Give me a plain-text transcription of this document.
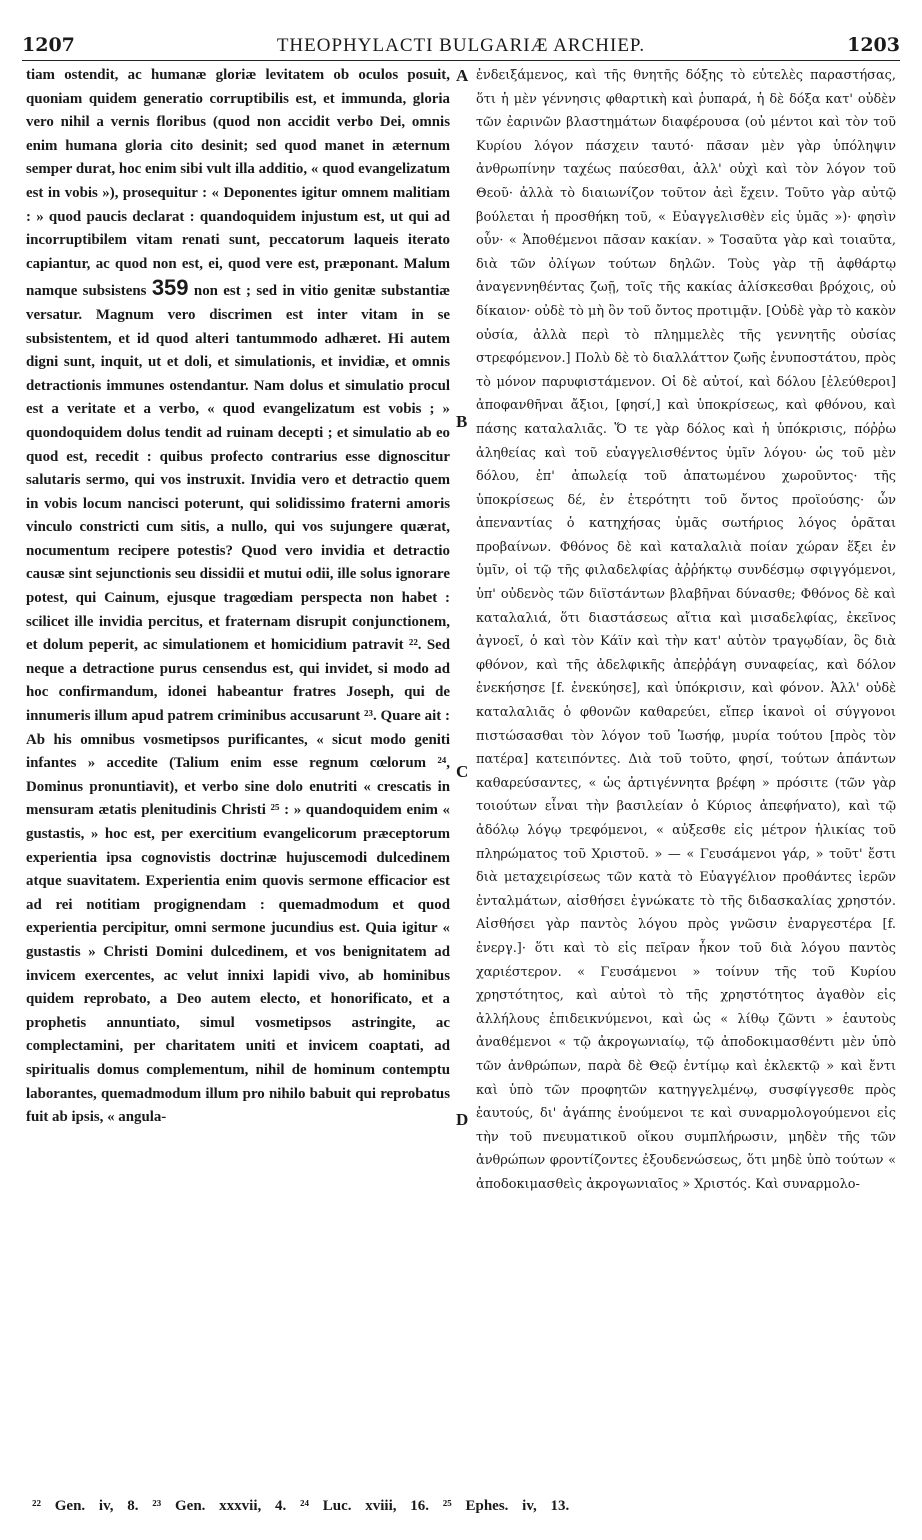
1207	THEOPHYLACTI BULGARIÆ ARCHIEP.	1203

tiam ostendit, ac humanæ gloriæ levitatem ob oculos posuit, quoniam quidem generatio corruptibilis est, et immunda, gloria vero nihil a vernis floribus (quod non accidit verbo Dei, omnis enim humana gloria cito desinit; sed quod manet in æternum semper durat, hoc enim sibi vult illa additio, « quod evangelizatum est in vobis »), prosequitur : « Deponentes igitur omnem malitiam : » quod paucis declarat : quandoquidem injustum est, ut qui ad incorruptibilem vitam renati sunt, peccatorum laqueis iterato capiantur, ac quod non est, ei, quod vere est, præponant. Malum namque subsistens 359 non est ; sed in vitio genitæ substantiæ versatur. Magnum vero discrimen est inter vitam in se subsistentem, et id quod alteri tantummodo adhæret. Hi autem digni sunt, inquit, ut et doli, et simulationis, et invidiæ, et omnis detractionis immunes ostendantur. Nam dolus et simulatio procul est a veritate et a verbo, « quod evangelizatum est vobis ; » quondoquidem dolus tendit ad ruinam decepti ; et simulatio ab eo quod est, recedit : quibus profecto contrarius esse dignoscitur salutaris sermo, qui vos instruxit. Invidia vero et detractio quem in vobis locum nancisci poterunt, qui solidissimo fraterni amoris vinculo constricti cum sitis, a nullo, qui vos sujungere quærat, nocumentum recipere potestis? Quod vero invidia et detractio causæ sint sejunctionis seu dissidii et mutui odii, ille solus ignorare potest, qui Cainum, ejusque tragœdiam perspecta non habet : scilicet ille invidia percitus, et fraternam disrupit conjunctionem, et dolum peperit, ac simulationem et homicidium patravit ²². Sed neque a detractione purus censendus est, qui invidet, si modo ad hoc confirmandum, idonei habeantur fratres Joseph, qui de innumeris illum apud patrem criminibus accusarunt ²³. Quare ait : Ab his omnibus vosmetipsos purificantes, « sicut modo geniti infantes » accedite (Talium enim esse regnum cœlorum ²⁴, Dominus pronuntiavit), et verbo sine dolo enutriti « crescatis in mensuram ætatis plenitudinis Christi ²⁵ : » quandoquidem enim « gustastis, » hoc est, per exercitium evangelicorum præceptorum experientia ipsa cognovistis doctrinæ hujuscemodi dulcedinem atque suavitatem. Experientia enim quovis sermone efficacior est ad rei notitiam progignendam : quemadmodum et quod experientia percipitur, omni sermone jucundius est. Quia igitur « gustastis » Christi Domini dulcedinem, et vos benignitatem ad invicem exercentes, ac velut innixi lapidi vivo, ab hominibus quidem reprobato, a Deo autem electo, et honorificato, et a prophetis annuntiato, simul vosmetipsos astringite, ac complectamini, per charitatem uniti et invicem coaptati, ad spiritualis domus complementum, nihil de hominum contemptu laborantes, quemadmodum illum pro nihilo babuit qui reprobatus fuit ab ipsis, « angula-

A
B
C
D

ἐνδειξάμενος, καὶ τῆς θνητῆς δόξης τὸ εὐτελὲς παραστήσας, ὅτι ἡ μὲν γέννησις φθαρτικὴ καὶ ῥυπαρά, ἡ δὲ δόξα κατ' οὐδὲν τῶν ἐαρινῶν βλαστημάτων διαφέρουσα (οὐ μέντοι καὶ τὸν τοῦ Κυρίου λόγον πάσχειν ταυτό· πᾶσαν μὲν γὰρ ὑπόληψιν ἀνθρωπίνην ταχέως παύεσθαι, ἀλλ' οὐχὶ καὶ τὸν λόγον τοῦ Θεοῦ· ἀλλὰ τὸ διαιωνίζον τοῦτον ἀεὶ ἔχειν. Τοῦτο γὰρ αὐτῷ βούλεται ἡ προσθήκη τοῦ, « Εὐαγγελισθὲν εἰς ὑμᾶς »)· φησὶν οὖν· « Ἀποθέμενοι πᾶσαν κακίαν. » Τοσαῦτα γὰρ καὶ τοιαῦτα, διὰ τῶν ὀλίγων τούτων δηλῶν. Τοὺς γὰρ τῇ ἀφθάρτῳ ἀναγεννηθέντας ζωῇ, τοῖς τῆς κακίας ἁλίσκεσθαι βρόχοις, οὐ δίκαιον· οὐδὲ τὸ μὴ ὂν τοῦ ὄντος προτιμᾷν. [Οὐδὲ γὰρ τὸ κακὸν οὐσία, ἀλλὰ περὶ τὸ πλημμελὲς τῆς γεννητῆς οὐσίας στρεφόμενον.] Πολὺ δὲ τὸ διαλλάττον ζωῆς ἐνυποστάτου, πρὸς τὸ μόνον παρυφιστάμενον. Οἱ δὲ αὐτοί, καὶ δόλου [ἐλεύθεροι] ἀποφανθῆναι ἄξιοι, [φησί,] καὶ ὑποκρίσεως, καὶ φθόνου, καὶ πάσης καταλαλιᾶς. Ὅ τε γὰρ δόλος καὶ ἡ ὑπόκρισις, πόῤῥω ἀληθείας καὶ τοῦ εὐαγγελισθέντος ὑμῖν λόγου· ὡς τοῦ μὲν δόλου, ἐπ' ἀπωλείᾳ τοῦ ἀπατωμένου χωροῦντος· τῆς ὑποκρίσεως δέ, ἐν ἑτερότητι τοῦ ὄντος προϊούσης· ὧν ἀπεναντίας ὁ κατηχήσας ὑμᾶς σωτήριος λόγος ὁρᾶται προβαίνων. Φθόνος δὲ καὶ καταλαλιὰ ποίαν χώραν ἕξει ἐν ὑμῖν, οἱ τῷ τῆς φιλαδελφίας ἀῤῥήκτῳ συνδέσμῳ σφιγγόμενοι, ὑπ' οὐδενὸς τῶν διϊστάντων βλαβῆναι δύνασθε; Φθόνος δὲ καὶ καταλαλιά, ὅτι διαστάσεως αἴτια καὶ μισαδελφίας, ἐκεῖνος ἀγνοεῖ, ὁ καὶ τὸν Κάϊν καὶ τὴν κατ' αὐτὸν τραγῳδίαν, ὃς διὰ φθόνον, καὶ τῆς ἀδελφικῆς ἀπεῤῥάγη συναφείας, καὶ δόλον ἐνεκήσησε [f. ἐνεκύησε], καὶ ὑπόκρισιν, καὶ φόνον. Ἀλλ' οὐδὲ καταλαλιᾶς ὁ φθονῶν καθαρεύει, εἴπερ ἱκανοὶ οἱ σύγγονοι πιστώσασθαι τὸν λόγον τοῦ Ἰωσήφ, μυρία τούτου [πρὸς τὸν πατέρα] κατειπόντες. Διὰ τοῦ τοῦτο, φησί, τούτων ἁπάντων καθαρεύσαντες, « ὡς ἀρτιγέννητα βρέφη » πρόσιτε (τῶν γὰρ τοιούτων εἶναι τὴν βασιλείαν ὁ Κύριος ἀπεφήνατο), καὶ τῷ ἀδόλῳ λόγῳ τρεφόμενοι, « αὐξεσθε εἰς μέτρον ἡλικίας τοῦ πληρώματος τοῦ Χριστοῦ. » — « Γευσάμενοι γάρ, » τοῦτ' ἔστι διὰ μεταχειρίσεως τῶν κατὰ τὸ Εὐαγγέλιον προθάντες ἱερῶν ἐνταλμάτων, αἰσθήσει ἐγνώκατε τὸ τῆς διδασκαλίας χρηστόν. Αἰσθήσει γὰρ παντὸς λόγου πρὸς γνῶσιν ἐναργεστέρα [f. ἐνεργ.]· ὅτι καὶ τὸ εἰς πεῖραν ἧκον τοῦ διὰ λόγου παντὸς χαριέστερον. « Γευσάμενοι » τοίνυν τῆς τοῦ Κυρίου χρηστότητος, καὶ αὐτοὶ τὸ τῆς χρηστότητος ἀγαθὸν εἰς ἀλλήλους ἐπιδεικνύμενοι, καὶ ὡς « λίθῳ ζῶντι » ἑαυτοὺς ἀναθέμενοι « τῷ ἀκρογωνιαίῳ, τῷ ἀποδοκιμασθέντι μὲν ὑπὸ τῶν ἀνθρώπων, παρὰ δὲ Θεῷ ἐντίμῳ καὶ ἐκλεκτῷ » καὶ ἔντι καὶ ὑπὸ τῶν προφητῶν κατηγγελμένῳ, συσφίγγεσθε πρὸς ἑαυτούς, δι' ἀγάπης ἑνούμενοι τε καὶ συναρμολογούμενοι εἰς τὴν τοῦ πνευματικοῦ οἴκου συμπλήρωσιν, μηδὲν τῆς τῶν ἀνθρώπων φροντίζοντες ἐξουδενώσεως, ὅτι μηδὲ ὑπὸ τούτων « ἀποδοκιμασθεὶς ἀκρογωνιαῖος » Χριστός. Καὶ συναρμολο-

²² Gen. iv, 8. ²³ Gen. xxxvii, 4. ²⁴ Luc. xviii, 16. ²⁵ Ephes. iv, 13.
